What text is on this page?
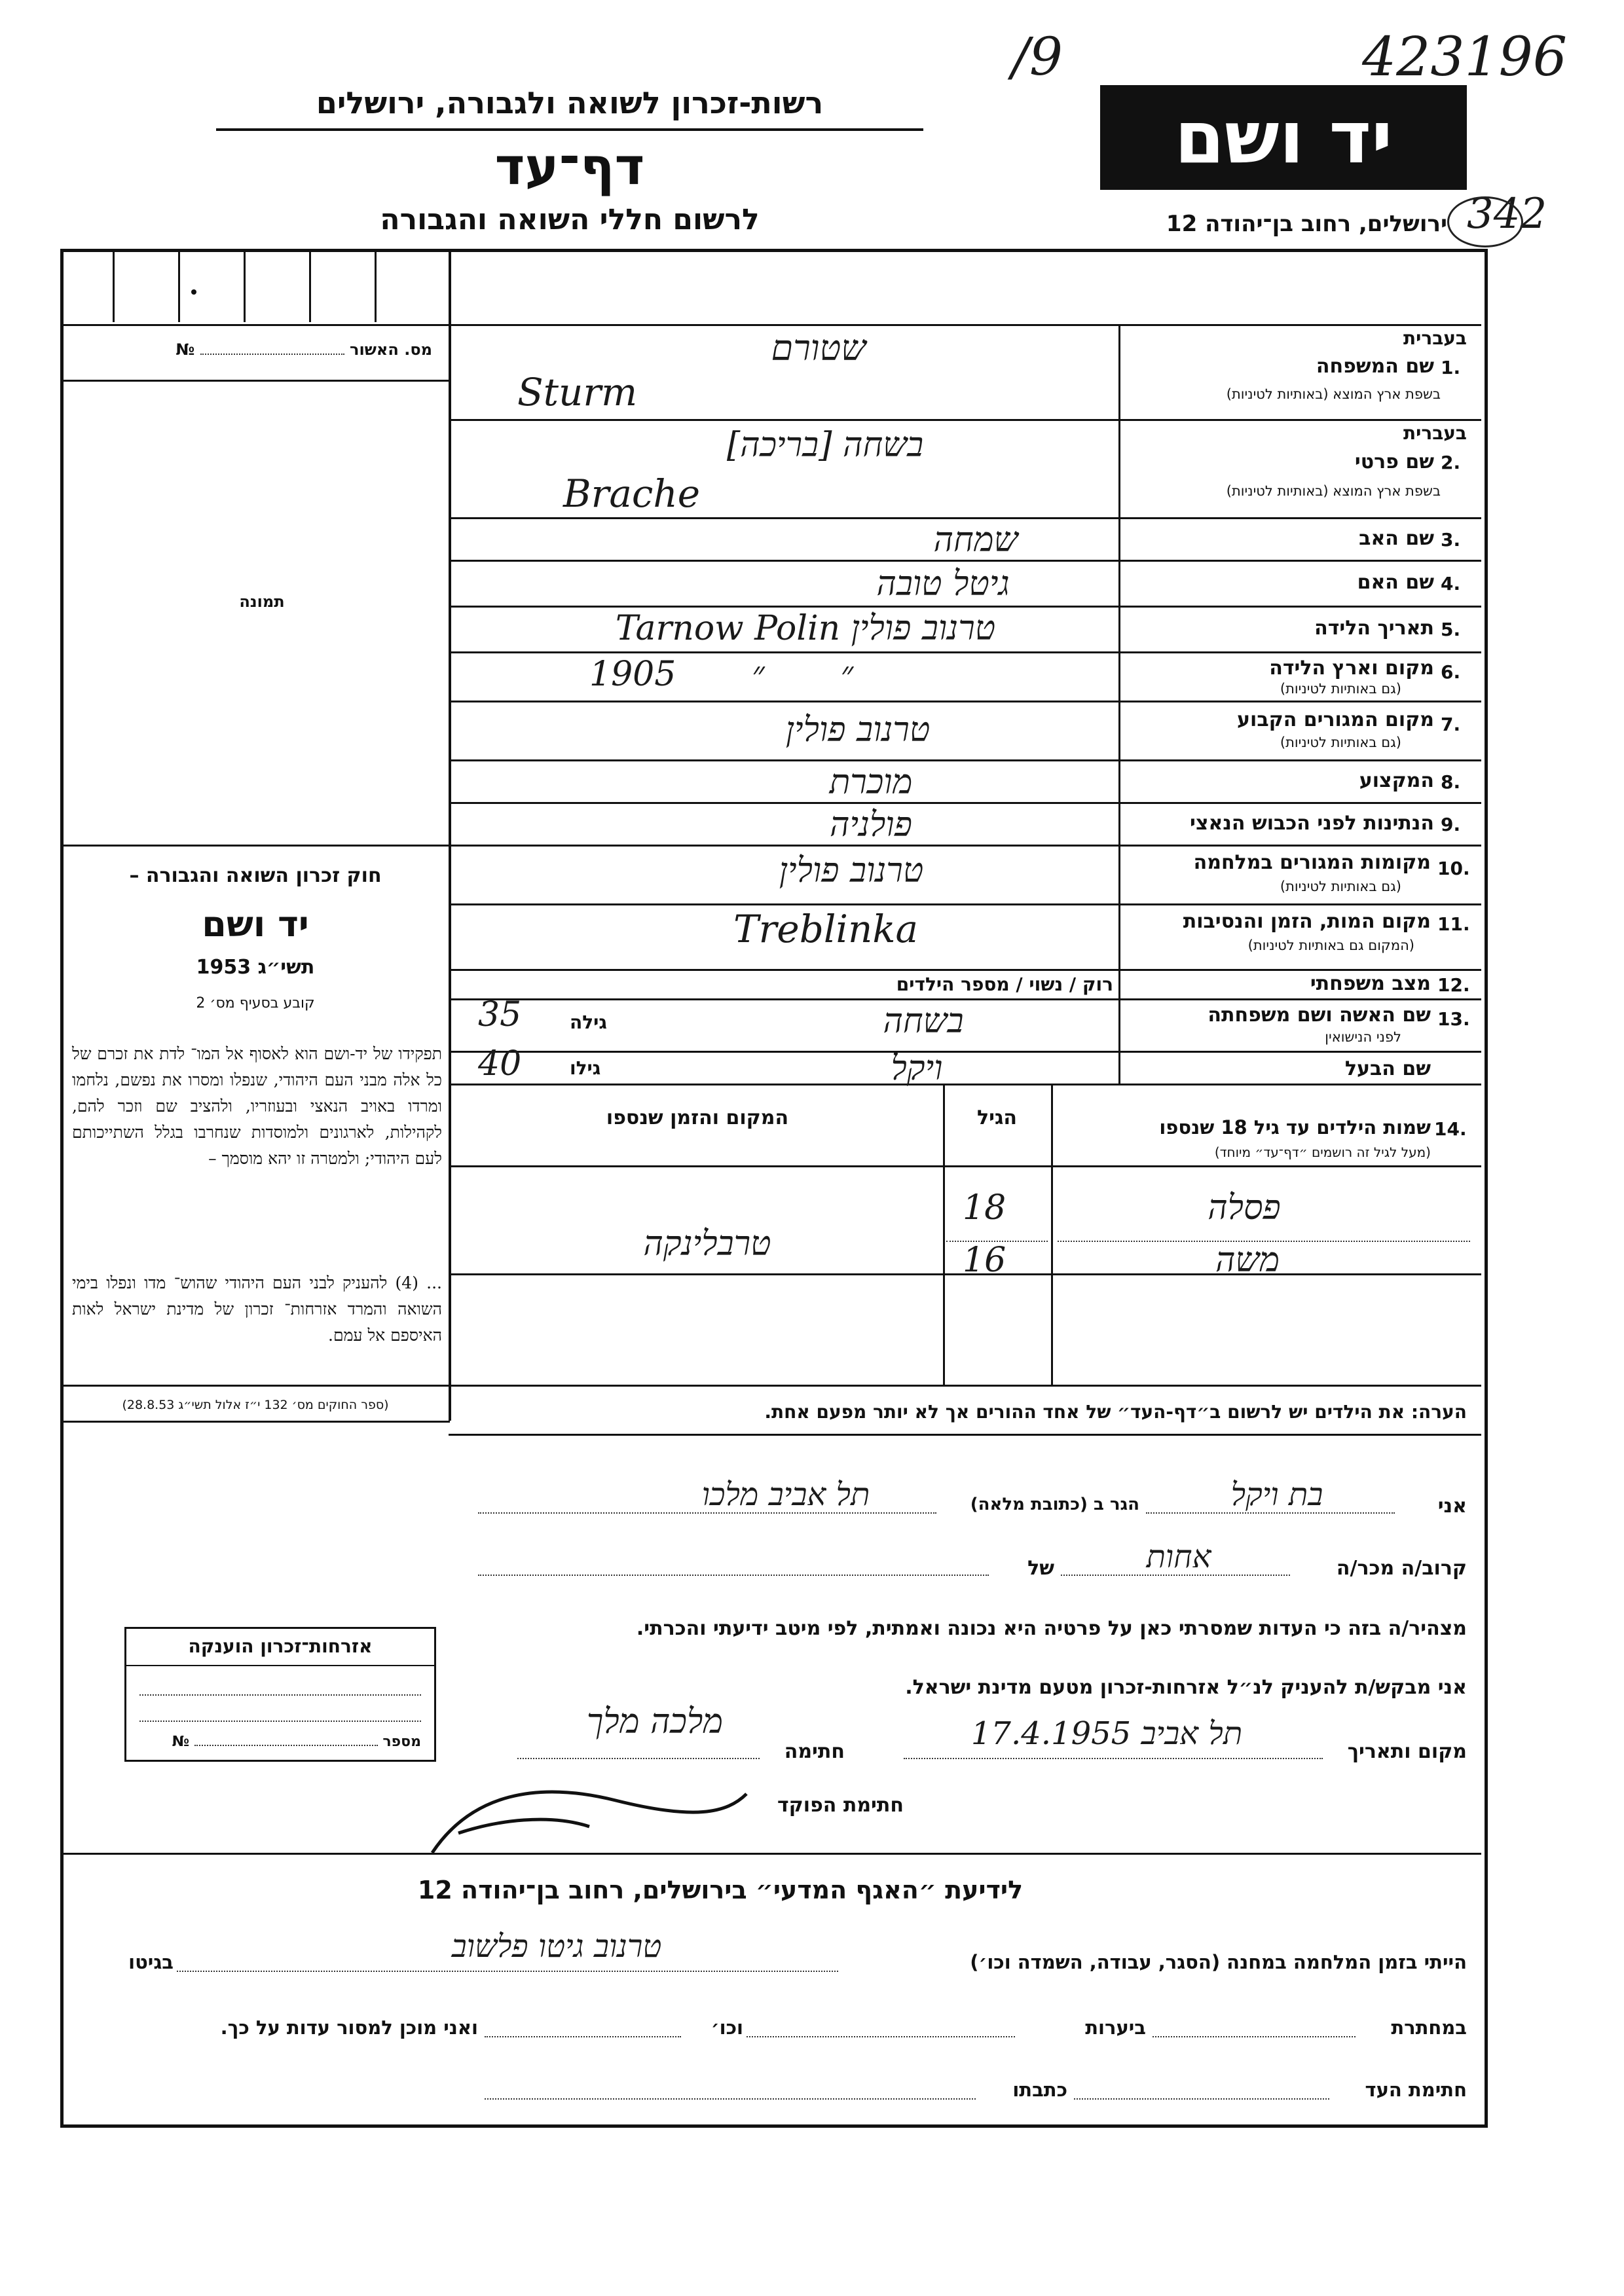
רשות-זכרון לשואה ולגבורה, ירושלים
דף־עד
לרשום חללי השואה והגבורה
/9
יד ושם
423196
342
ירושלים, רחוב בן־יהודה 12
מס. האשור  №
תמונה
חוק זכרון השואה והגבורה –
יד ושם
תשי״ג 1953
קובע בסעיף מס׳ 2
תפקידו של יד-ושם הוא לאסוף אל המו־ לדת את זכרם של כל אלה מבני העם היהודי, שנפלו ומסרו את נפשם, נלחמו ומרדו באויב הנאצי ובעוזריו, ולהציב שם וזכר להם, לקהילות, לארגונים ולמוסדות שנחרבו בגלל השתייכותם לעם היהודי; ולמטרה זו יהא מוסמך –
... (4) להעניק לבני העם היהודי שהוש־ מדו ונפלו בימי השואה והמרד אזרחות־ זכרון של מדינת ישראל לאות האיספם אל עמם.
(ספר החוקים מס׳ 132 י״ז אלול תשי״ג 28.8.53)
בעברית
1.
שם המשפחה
בשפת ארץ המוצא (באותיות לטיניות)
שטורם
Sturm
בעברית
2.
שם פרטי
בשפת ארץ המוצא (באותיות לטיניות)
בשחה [בריכה]
Brachе
3.
שם האב
שמחה
4.
שם האם
גיטל טובה
5.
תאריך הלידה
טרנוב פולין Tarnow Polin
6.
מקום וארץ הלידה
(גם באותיות לטיניות)
1905       ״       ״
7.
מקום המגורים הקבוע
(גם באותיות לטיניות)
טרנוב פולין
8.
המקצוע
מוכרת
9.
הנתינות לפני הכבוש הנאצי
פולניה
10.
מקומות המגורים במלחמה
(גם באותיות לטיניות)
טרנוב פולין
11.
מקום המות, הזמן והנסיבות
(המקום גם באותיות לטיניות)
Treblinka
12.
מצב משפחתי
רוק / נשוי / מספר הילדים
13.
שם האשה ושם משפחתה
לפני הנישואין
בשחה
גילה
35
שם הבעל
ויקל
גילו
40
14.
שמות הילדים עד גיל 18 שנספו
(מעל לגיל זה רושמים ״דף־עד״ מיוחד)
הגיל
המקום והזמן שנספו
פסלה
18
טרבלינקה	משה
16
הערה: את הילדים יש לרשום ב״דף-העד״ של אחד ההורים אך לא יותר מפעם אחת.
אני
בת ויקל
הגר ב (כתובת מלאה)
תל אביב מלכו
קרוב/ה מכר/ה
אחות
של
מצהיר/ה בזה כי העדות שמסרתי כאן על פרטיה היא נכונה ואמתית, לפי מיטב ידיעתי והכרתי.
אני מבקש/ת להעניק לנ״ל אזרחות-זכרון מטעם מדינת ישראל.
מקום ותאריך
תל אביב 17.4.1955
חתימה
מלכה מלך
חתימת הפוקד
אזרחות־זכרון הוענקה
מספר  №
לידיעת ״האגף המדעי״ בירושלים, רחוב בן־יהודה 12
הייתי בזמן המלחמה במחנה (הסגר, עבודה, השמדה וכו׳)
טרנוב גיטו פלשוב
בגיטו
במחתרת
ביערות
וכו׳
ואני מוכן למסור עדות על כך.
חתימת העד
כתבתו
